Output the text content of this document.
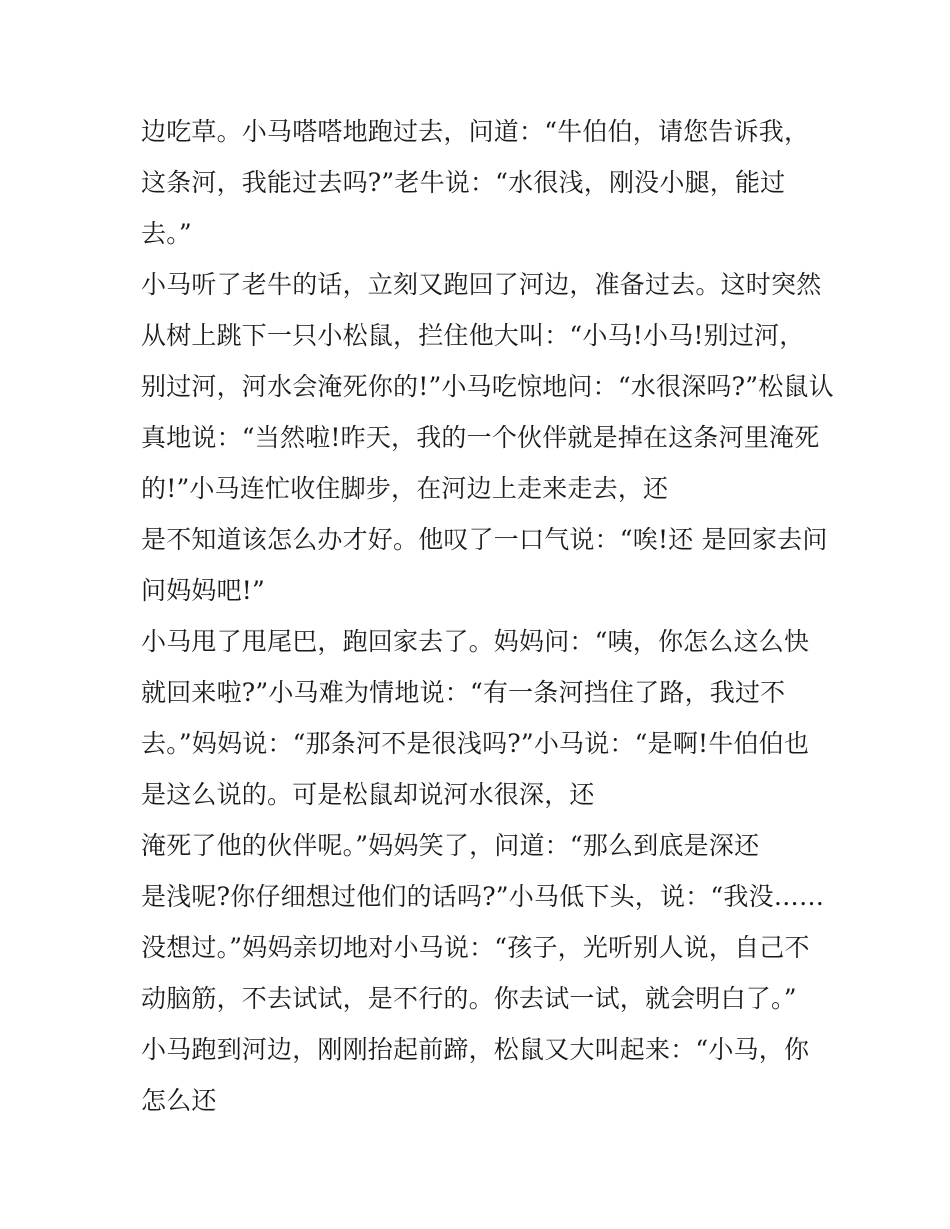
边吃草。小马嗒嗒地跑过去，问道：“牛伯伯，请您告诉我，
这条河，我能过去吗?”老牛说：“水很浅，刚没小腿，能过
去。”
小马听了老牛的话，立刻又跑回了河边，准备过去。这时突然
从树上跳下一只小松鼠，拦住他大叫：“小马!小马!别过河，
别过河，河水会淹死你的!”小马吃惊地问：“水很深吗?”松鼠认
真地说：“当然啦!昨天，我的一个伙伴就是掉在这条河里淹死
的!”小马连忙收住脚步，在河边上走来走去，还
是不知道该怎么办才好。他叹了一口气说：“唉!还 是回家去问
问妈妈吧!”
小马甩了甩尾巴，跑回家去了。妈妈问：“咦，你怎么这么快
就回来啦?”小马难为情地说：“有一条河挡住了路，我过不
去。”妈妈说：“那条河不是很浅吗?”小马说：“是啊!牛伯伯也
是这么说的。可是松鼠却说河水很深，还
淹死了他的伙伴呢。”妈妈笑了，问道：“那么到底是深还
是浅呢?你仔细想过他们的话吗?”小马低下头，说：“我没……
没想过。”妈妈亲切地对小马说：“孩子，光听别人说，自己不
动脑筋，不去试试，是不行的。你去试一试，就会明白了。”
小马跑到河边，刚刚抬起前蹄，松鼠又大叫起来：“小马，你
怎么还
